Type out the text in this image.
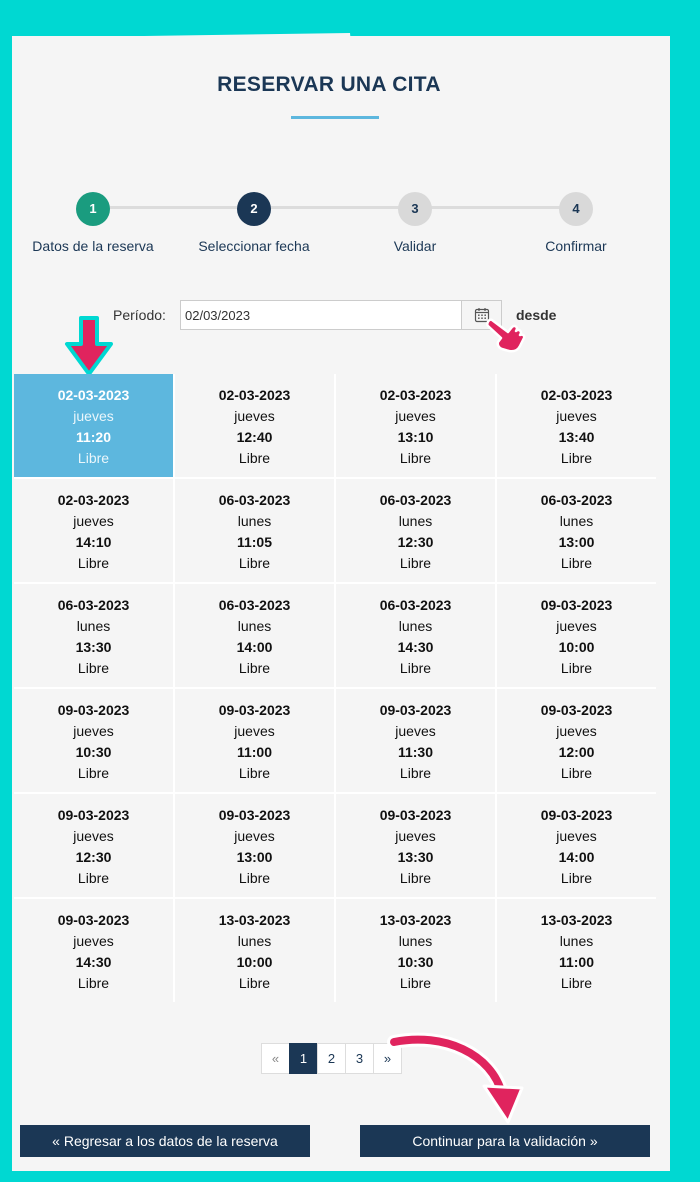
RESERVAR UNA CITA
1
Datos de la reserva
2
Seleccionar fecha
3
Validar
4
Confirmar
Período:
02/03/2023	desde
02-03-2023
jueves
11:20
Libre
02-03-2023
jueves
12:40
Libre
02-03-2023
jueves
13:10
Libre
02-03-2023
jueves
13:40
Libre
02-03-2023
jueves
14:10
Libre
06-03-2023
lunes
11:05
Libre
06-03-2023
lunes
12:30
Libre
06-03-2023
lunes
13:00
Libre
06-03-2023
lunes
13:30
Libre
06-03-2023
lunes
14:00
Libre
06-03-2023
lunes
14:30
Libre
09-03-2023
jueves
10:00
Libre
09-03-2023
jueves
10:30
Libre
09-03-2023
jueves
11:00
Libre
09-03-2023
jueves
11:30
Libre
09-03-2023
jueves
12:00
Libre
09-03-2023
jueves
12:30
Libre
09-03-2023
jueves
13:00
Libre
09-03-2023
jueves
13:30
Libre
09-03-2023
jueves
14:00
Libre
09-03-2023
jueves
14:30
Libre
13-03-2023
lunes
10:00
Libre
13-03-2023
lunes
10:30
Libre
13-03-2023
lunes
11:00
Libre
«	1	2	3	»
« Regresar a los datos de la reserva	Continuar para la validación »
